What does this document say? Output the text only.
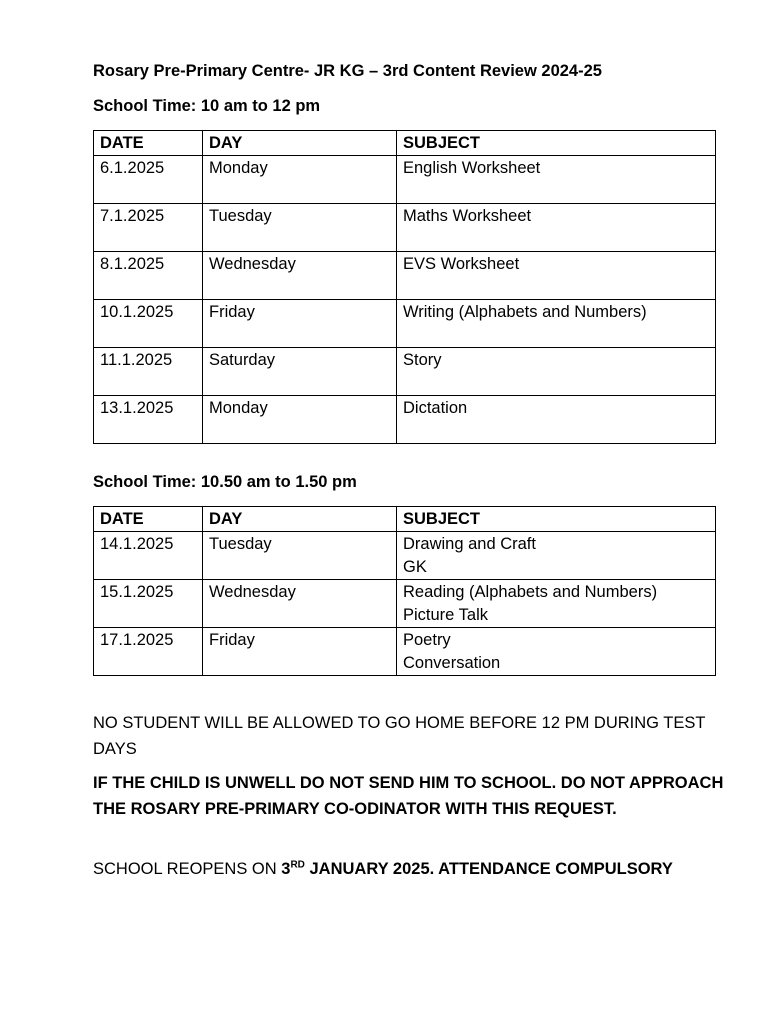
Rosary Pre-Primary Centre- JR KG – 3rd Content Review 2024-25
School Time: 10 am to 12 pm
DATE	DAY	SUBJECT
6.1.2025	Monday	English Worksheet

7.1.2025	Tuesday	Maths Worksheet

8.1.2025	Wednesday	EVS Worksheet

10.1.2025	Friday	Writing (Alphabets and Numbers)

11.1.2025	Saturday	Story

13.1.2025	Monday	Dictation
School Time: 10.50 am to 1.50 pm
DATE	DAY	SUBJECT
14.1.2025	Tuesday	Drawing and Craft
GK

15.1.2025	Wednesday	Reading (Alphabets and Numbers)
Picture Talk

17.1.2025	Friday	Poetry
Conversation
NO STUDENT WILL BE ALLOWED TO GO HOME BEFORE 12 PM DURING TEST DAYS
IF THE CHILD IS UNWELL DO NOT SEND HIM TO SCHOOL. DO NOT APPROACH THE ROSARY PRE-PRIMARY CO-ODINATOR WITH THIS REQUEST.
SCHOOL REOPENS ON 3RD JANUARY 2025. ATTENDANCE COMPULSORY
